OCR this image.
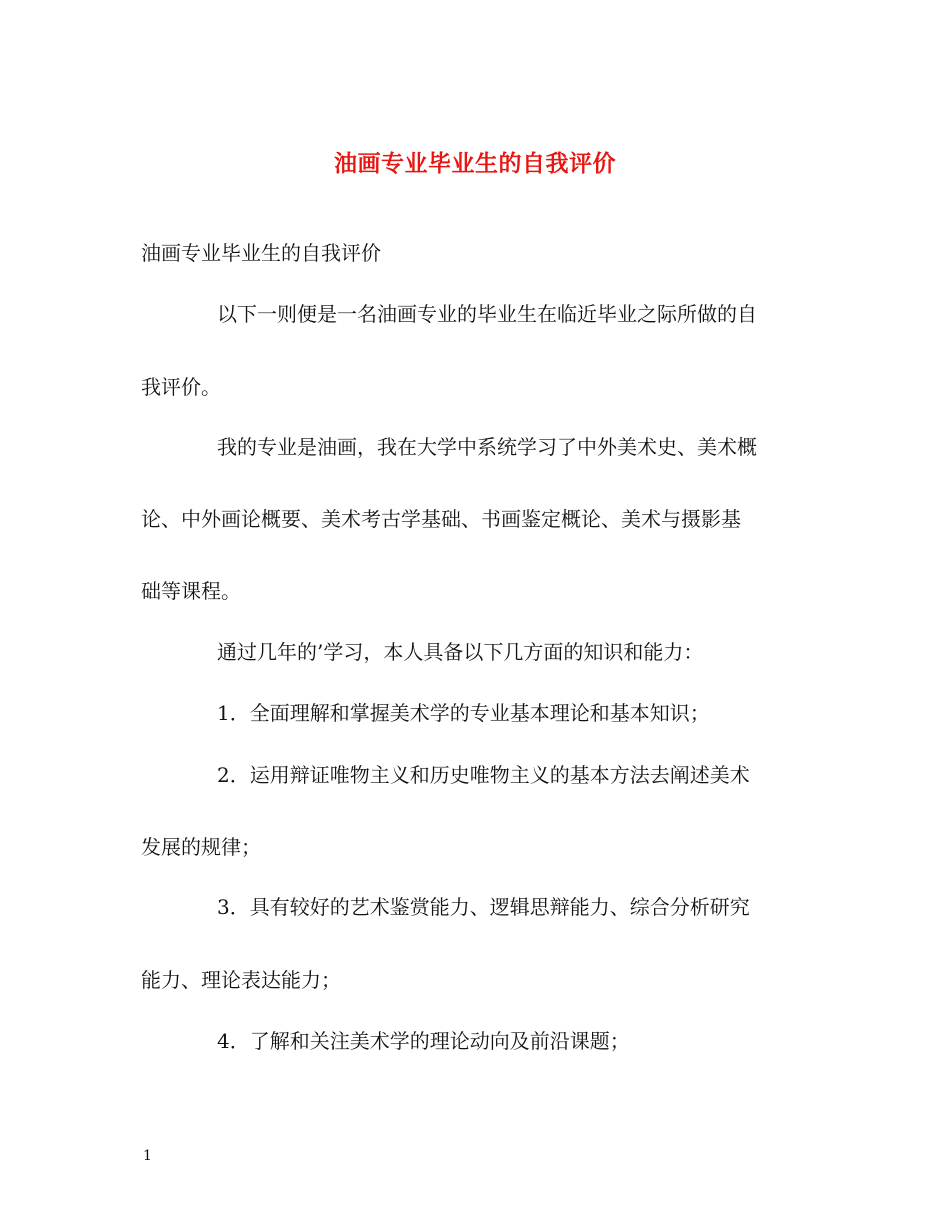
油画专业毕业生的自我评价
油画专业毕业生的自我评价
以下一则便是一名油画专业的毕业生在临近毕业之际所做的自
我评价。
我的专业是油画，我在大学中系统学习了中外美术史、美术概
论、中外画论概要、美术考古学基础、书画鉴定概论、美术与摄影基
础等课程。
通过几年的’学习，本人具备以下几方面的知识和能力：
1．全面理解和掌握美术学的专业基本理论和基本知识；
2．运用辩证唯物主义和历史唯物主义的基本方法去阐述美术
发展的规律；
3．具有较好的艺术鉴赏能力、逻辑思辩能力、综合分析研究
能力、理论表达能力；
4．了解和关注美术学的理论动向及前沿课题；
1
